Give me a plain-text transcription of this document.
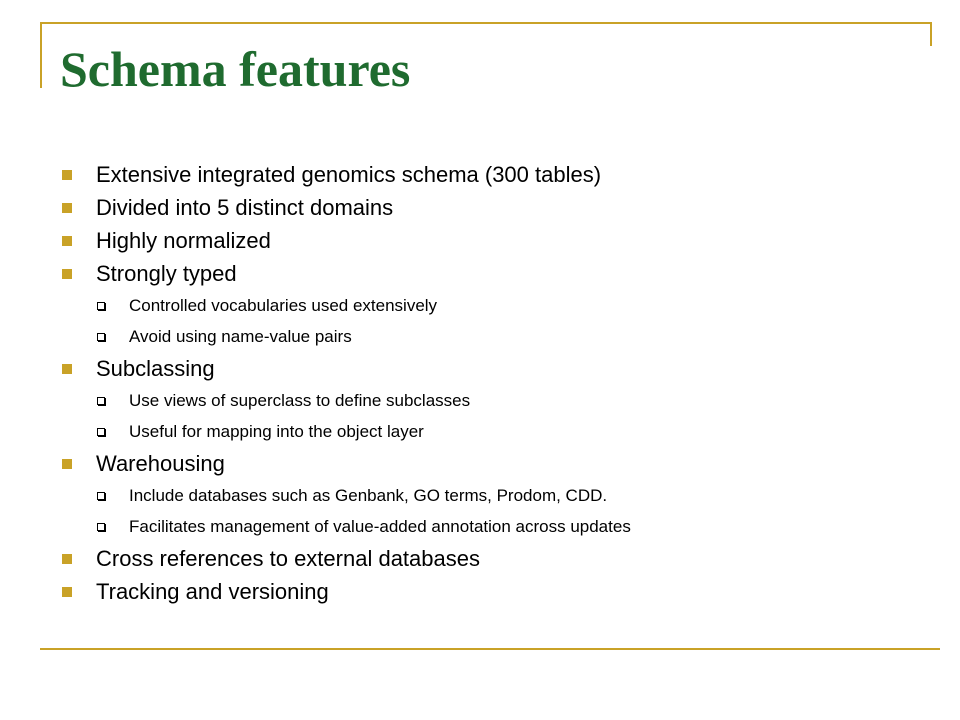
Schema features
Extensive integrated genomics schema (300 tables)
Divided into 5 distinct domains
Highly normalized
Strongly typed
Controlled vocabularies used extensively
Avoid using name-value pairs
Subclassing
Use views of superclass to define subclasses
Useful for mapping into the object layer
Warehousing
Include databases such as Genbank, GO terms, Prodom, CDD.
Facilitates management of value-added annotation across updates
Cross references to external databases
Tracking and versioning
